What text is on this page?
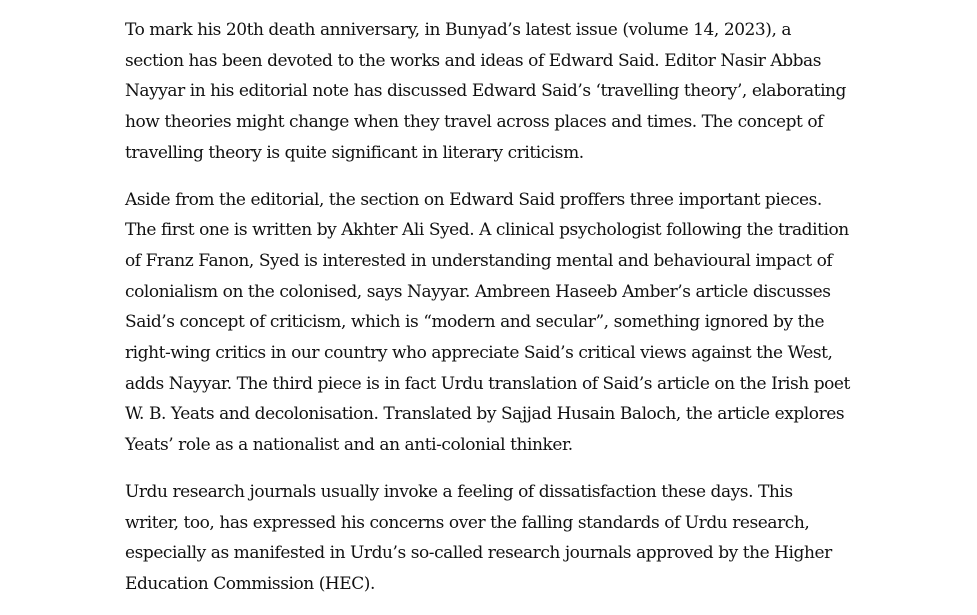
To mark his 20th death anniversary, in Bunyad’s latest issue (volume 14, 2023), a section has been devoted to the works and ideas of Edward Said. Editor Nasir Abbas Nayyar in his editorial note has discussed Edward Said’s ‘travelling theory’, elaborating how theories might change when they travel across places and times. The concept of travelling theory is quite significant in literary criticism.

Aside from the editorial, the section on Edward Said proffers three important pieces. The first one is written by Akhter Ali Syed. A clinical psychologist following the tradition of Franz Fanon, Syed is interested in understanding mental and behavioural impact of colonialism on the colonised, says Nayyar. Ambreen Haseeb Amber’s article discusses Said’s concept of criticism, which is “modern and secular”, something ignored by the right-wing critics in our country who appreciate Said’s critical views against the West, adds Nayyar. The third piece is in fact Urdu translation of Said’s article on the Irish poet W. B. Yeats and decolonisation. Translated by Sajjad Husain Baloch, the article explores Yeats’ role as a nationalist and an anti-colonial thinker.

Urdu research journals usually invoke a feeling of dissatisfaction these days. This writer, too, has expressed his concerns over the falling standards of Urdu research, especially as manifested in Urdu’s so-called research journals approved by the Higher Education Commission (HEC).
